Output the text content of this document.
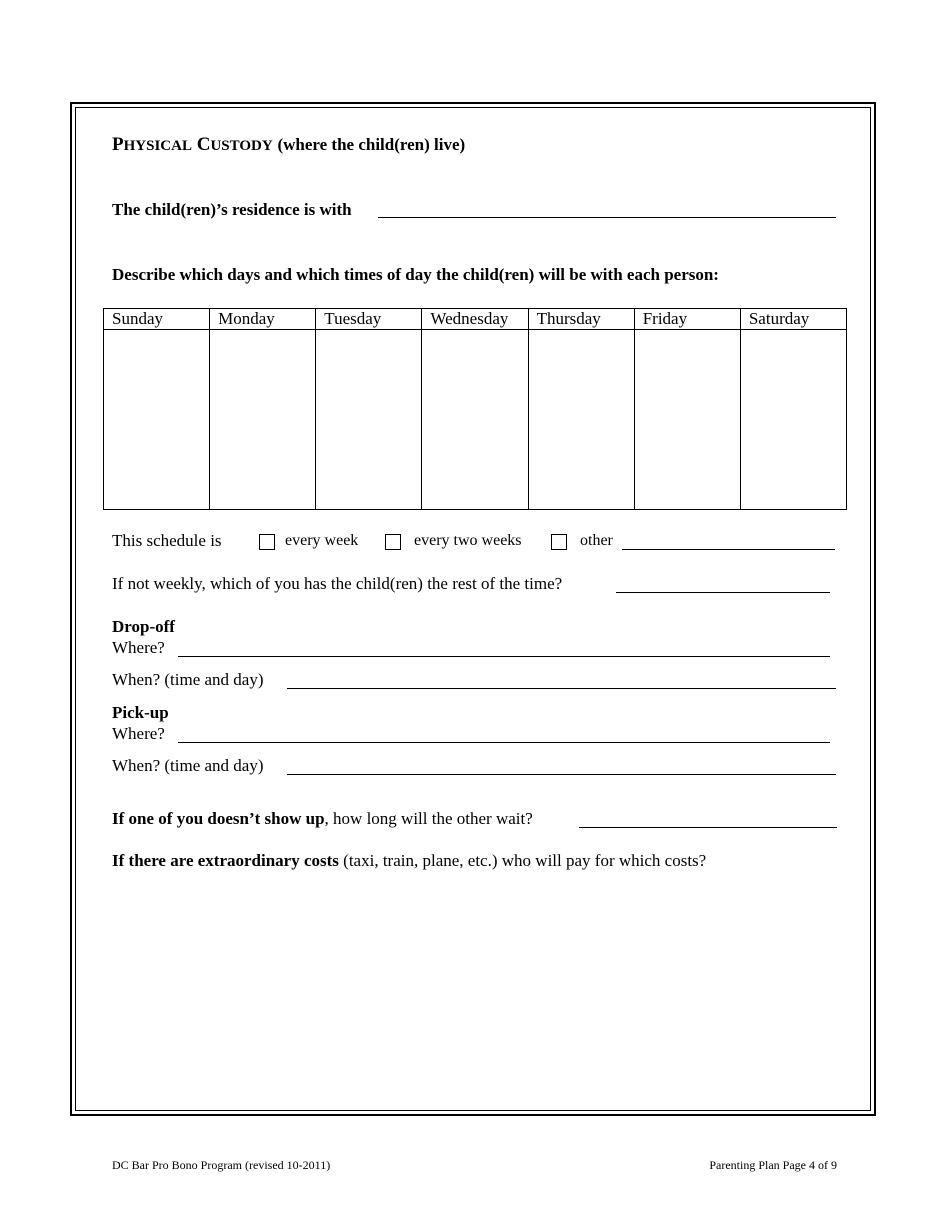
PHYSICAL CUSTODY (where the child(ren) live)
The child(ren)’s residence is with
Describe which days and which times of day the child(ren) will be with each person:
Sunday	Monday	Tuesday	Wednesday	Thursday	Friday	Saturday

This schedule is	every week	every two weeks	other
If not weekly, which of you has the child(ren) the rest of the time?
Drop-off
Where?
When? (time and day)
Pick-up
Where?
When? (time and day)
If one of you doesn’t show up, how long will the other wait?
If there are extraordinary costs (taxi, train, plane, etc.) who will pay for which costs?
DC Bar Pro Bono Program (revised 10-2011)	Parenting Plan Page 4 of 9
